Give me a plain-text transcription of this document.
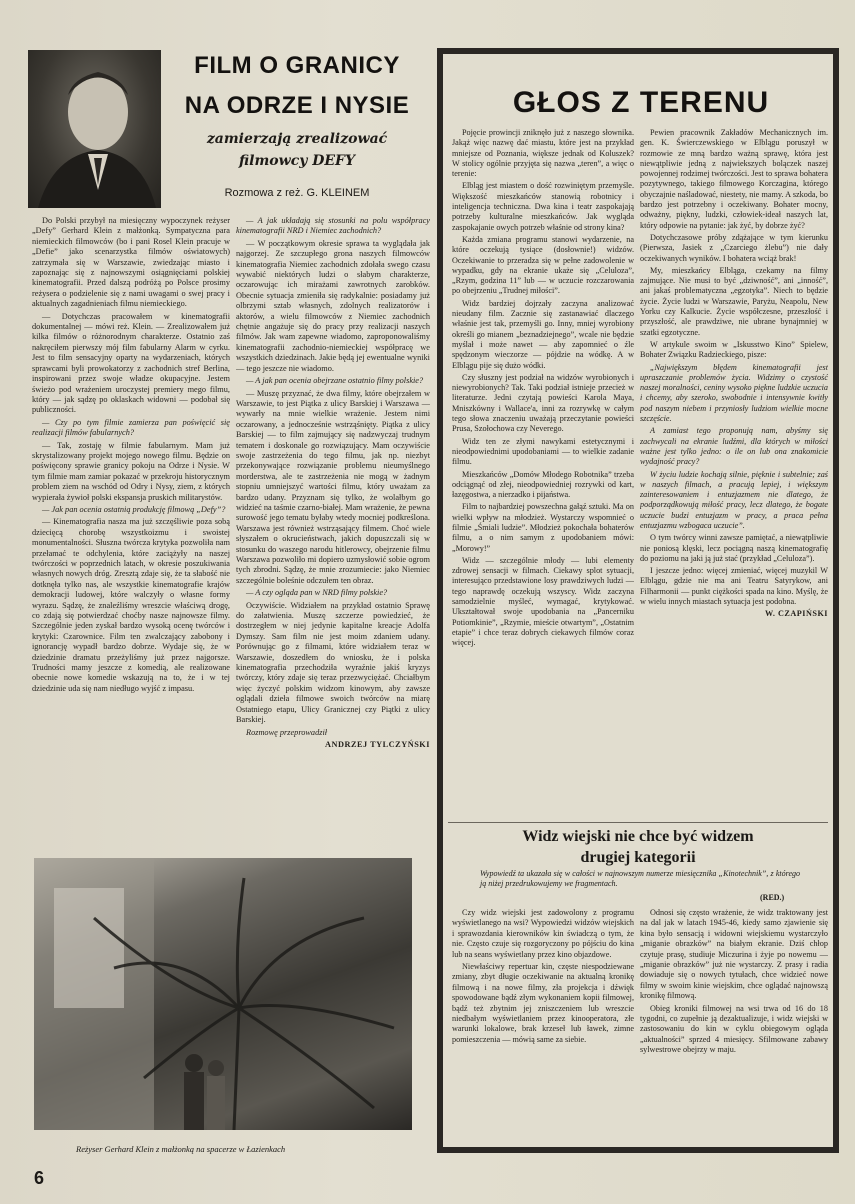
FILM O GRANICY
NA ODRZE I NYSIE
zamierzają zrealizować
filmowcy DEFY
Rozmowa z reż. G. KLEINEM

Do Polski przybył na miesięczny wypoczynek reżyser „Defy” Gerhard Klein z małżonką. Sympatyczna para niemieckich filmowców (bo i pani Rosel Klein pracuje w „Defie” jako scenarzystka filmów oświatowych) zatrzymała się w Warszawie, zwiedzając miasto i zapoznając się z najnowszymi osiągnięciami polskiej kinematografii. Przed dalszą podróżą po Polsce prosimy reżysera o podzielenie się z nami uwagami o swej pracy i aktualnych zagadnieniach filmu niemieckiego.

— Dotychczas pracowałem w kinematografii dokumentalnej — mówi reż. Klein. — Zrealizowałem już kilka filmów o różnorodnym charakterze. Ostatnio zaś nakręciłem pierwszy mój film fabularny Alarm w cyrku. Jest to film sensacyjny oparty na wydarzeniach, których sprawcami byli prowokatorzy z zachodnich stref Berlina, inspirowani przez swoje władze okupacyjne. Jestem świeżo pod wrażeniem uroczystej premiery mego filmu, który — jak sądzę po oklaskach widowni — podobał się publiczności.

— Czy po tym filmie zamierza pan poświęcić się realizacji filmów fabularnych?

— Tak, zostaję w filmie fabularnym. Mam już skrystalizowany projekt mojego nowego filmu. Będzie on poświęcony sprawie granicy pokoju na Odrze i Nysie. W tym filmie mam zamiar pokazać w przekroju historycznym problem ziem na wschód od Odry i Nysy, ziem, z których wypierała żywioł polski ekspansja pruskich militarystów.

— Jak pan ocenia ostatnią produkcję filmową „Defy”?

— Kinematografia nasza ma już szczęśliwie poza sobą dziecięcą chorobę wszystkoizmu i swoistej monumentalności. Słuszna twórcza krytyka pozwoliła nam przełamać te odchylenia, które zaciążyły na naszej twórczości w poprzednich latach, w okresie poszukiwania własnych nowych dróg. Zresztą zdaje się, że ta słabość nie dotknęła tylko nas, ale wszystkie kinematografie krajów demokracji ludowej, które walczyły o własne formy wyrazu. Sądzę, że znaleźliśmy wreszcie właściwą drogę, co zdają się potwierdzać choćby nasze najnowsze filmy. Szczególnie jeden zyskał bardzo wysoką ocenę twórców i krytyki: Czarownice. Film ten zwalczający zabobony i ignorancję wypadł bardzo dobrze. Wydaje się, że w dziedzinie dramatu przeżyliśmy już przez najgorsze. Trudności mamy jeszcze z komedią, ale realizowane obecnie nowe komedie wskazują na to, że i w tej dziedzinie uda się nam niedługo wyjść z impasu.

— A jak układają się stosunki na polu współpracy kinematografii NRD i Niemiec zachodnich?

— W początkowym okresie sprawa ta wyglądała jak najgorzej. Ze szczupłego grona naszych filmowców kinematografia Niemiec zachodnich zdołała swego czasu wywabić niektórych ludzi o słabym charakterze, oczarowując ich mirażami zawrotnych zarobków. Obecnie sytuacja zmieniła się radykalnie: posiadamy już olbrzymi sztab własnych, zdolnych realizatorów i aktorów, a wielu filmowców z Niemiec zachodnich chętnie angażuje się do pracy przy realizacji naszych filmów. Jak wam zapewne wiadomo, zaproponowaliśmy kinematografii zachodnio-niemieckiej współpracę we wszystkich dziedzinach. Jakie będą jej ewentualne wyniki — tego jeszcze nie wiadomo.

— A jak pan ocenia obejrzane ostatnio filmy polskie?

— Muszę przyznać, że dwa filmy, które obejrzałem w Warszawie, to jest Piątka z ulicy Barskiej i Warszawa — wywarły na mnie wielkie wrażenie. Jestem nimi oczarowany, a jednocześnie wstrząśnięty. Piątka z ulicy Barskiej — to film zajmujący się nadzwyczaj trudnym tematem i doskonale go rozwiązujący. Mam oczywiście swoje zastrzeżenia do tego filmu, jak np. niezbyt przekonywające rozwiązanie problemu nieumyślnego morderstwa, ale te zastrzeżenia nie mogą w żadnym stopniu umniejszyć wartości filmu, który uważam za bardzo udany. Przyznam się tylko, że wolałbym go widzieć na taśmie czarno-białej. Mam wrażenie, że pewna surowość jego tematu byłaby wtedy mocniej podkreślona. Warszawa jest również wstrząsający filmem. Choć wiele słyszałem o okrucieństwach, jakich dopuszczali się w stosunku do waszego narodu hitlerowcy, obejrzenie filmu Warszawa pozwoliło mi dopiero uzmysłowić sobie ogrom tych zbrodni. Sądzę, że mnie zrozumiecie: jako Niemiec szczególnie boleśnie odczułem ten obraz.

— A czy ogląda pan w NRD filmy polskie?

Oczywiście. Widziałem na przykład ostatnio Sprawę do załatwienia. Muszę szczerze powiedzieć, że dostrzegłem w niej jedynie kapitalne kreacje Adolfa Dymszy. Sam film nie jest moim zdaniem udany. Porównując go z filmami, które widziałem teraz w Warszawie, doszedłem do wniosku, że i polska kinematografia przechodziła wyraźnie jakiś kryzys twórczy, który zdaje się teraz przezwyciężać. Chciałbym więc życzyć polskim widzom kinowym, aby zawsze oglądali dzieła filmowe swoich twórców na miarę Ostatniego etapu, Ulicy Granicznej czy Piątki z ulicy Barskiej.

Rozmowę przeprowadził

ANDRZEJ TYLCZYŃSKI

Reżyser Gerhard Klein z małżonką na spacerze w Łazienkach
6
GŁOS Z TERENU

Pojęcie prowincji zniknęło już z naszego słownika. Jakąż więc nazwę dać miastu, które jest na przykład mniejsze od Poznania, większe jednak od Koluszek? W stolicy ogólnie przyjęta się nazwa „teren”, a więc o terenie:

Elbląg jest miastem o dość rozwiniętym przemyśle. Większość mieszkańców stanowią robotnicy i inteligencja techniczna. Dwa kina i teatr zaspokajają potrzeby kulturalne mieszkańców. Jak wygląda zaspokajanie owych potrzeb właśnie od strony kina?

Każda zmiana programu stanowi wydarzenie, na które oczekują tysiące (dosłownie!) widzów. Oczekiwanie to przeradza się w pełne zadowolenie w wypadku, gdy na ekranie ukaże się „Celuloza”, „Rzym, godzina 11” lub — w uczucie rozczarowania po obejrzeniu „Trudnej miłości”.

Widz bardziej dojrzały zaczyna analizować nieudany film. Zacznie się zastanawiać dlaczego właśnie jest tak, przemyśli go. Inny, mniej wyrobiony określi go mianem „beznadziejnego”, wcale nie będzie myślał i może nawet — aby zapomnieć o źle spędzonym wieczorze — pójdzie na wódkę. A w Elblągu pije się dużo wódki.

Czy słuszny jest podział na widzów wyrobionych i niewyrobionych? Tak. Taki podział istnieje przecież w literaturze. Jedni czytają powieści Karola Maya, Mniszkówny i Wallace'a, inni za rozrywkę w całym tego słowa znaczeniu uważają przeczytanie powieści Prusa, Szołochowa czy Neverego.

Widz ten ze złymi nawykami estetycznymi i nieodpowiednimi upodobaniami — to wielkie zadanie filmu.

Mieszkańców „Domów Młodego Robotnika” trzeba odciągnąć od złej, nieodpowiedniej rozrywki od kart, łazęgostwa, a nierzadko i pijaństwa.

Film to najbardziej powszechna gałąź sztuki. Ma on wielki wpływ na młodzież. Wystarczy wspomnieć o filmie „Śmiali ludzie”. Młodzież pokochała bohaterów filmu, a o nim samym z upodobaniem mówi: „Morowy!”

Widz — szczególnie młody — lubi elementy zdrowej sensacji w filmach. Ciekawy splot sytuacji, interesująco przedstawione losy prawdziwych ludzi — tego naprawdę oczekują wszyscy. Widz zaczyna samodzielnie myśleć, wymagać, krytykować. Ukształtował swoje upodobania na „Pancerniku Potiomkinie”, „Rzymie, mieście otwartym”, „Ostatnim etapie” i chce teraz dobrych ciekawych filmów coraz więcej.

Pewien pracownik Zakładów Mechanicznych im. gen. K. Świerczewskiego w Elblągu poruszył w rozmowie ze mną bardzo ważną sprawę, która jest niewątpliwie jedną z najwiekszych bolączek naszej powojennej rodzimej twórczości. Jest to sprawa bohatera pozytywnego, takiego filmowego Korczagina, którego obyczajnie naśladować, niestety, nie mamy. A szkoda, bo bardzo jest potrzebny i oczekiwany. Bohater mocny, odważny, piękny, ludzki, człowiek-ideał naszych lat, który odpowie na pytanie: jak żyć, by dobrze żyć?

Dotychczasowe próby zdążające w tym kierunku (Pierwsza, Jasiek z „Czarciego żlebu”) nie dały oczekiwanych wyników. I bohatera wciąż brak!

My, mieszkańcy Elbląga, czekamy na filmy zajmujące. Nie musi to być „dziwność”, ani „inność”, ani jakaś problematyczna „egzotyka”. Niech to będzie życie. Życie ludzi w Warszawie, Paryżu, Neapolu, New Yorku czy Kalkucie. Życie współczesne, przeszłość i przyszłość, ale prawdziwe, nie ubrane bynajmniej w szatki egzotyczne.

W artykule swoim w „Iskusstwo Kino” Spielew, Bohater Związku Radzieckiego, pisze:

„Największym błędem kinematografii jest upraszczanie problemów życia. Widzimy o czystość naszej moralności, ceniny wysoko piękne ludzkie uczucia i chcemy, aby szeroko, swobodnie i intensywnie kwitły pod naszym niebem i przyniosły ludziom wielkie mocne szczęście.

A zamiast tego proponują nam, abyśmy się zachwycali na ekranie ludźmi, dla których w miłości ważne jest tylko jedno: o ile on lub ona znakomicie wydajność pracy?

W życiu ludzie kochają silnie, pięknie i subtelnie; zaś w naszych filmach, a pracują lepiej, i większym zainteresowaniem i entuzjazmem nie dlatego, że podporządkowują miłość pracy, lecz dlatego, że bogate uczucie budzi entuzjazm w pracy, a praca pełna entuzjazmu wzbogaca uczucie”.

O tym twórcy winni zawsze pamiętać, a niewątpliwie nie poniosą klęski, lecz pociągną naszą kinematografię do poziomu na jaki ją już stać (przykład „Celuloza”).

I jeszcze jedno: więcej zmieniać, więcej muzykil W Elblągu, gdzie nie ma ani Teatru Satyrykow, ani Filharmonii — punkt ciężkości spada na kino. Myślę, że w wielu innych miastach sytuacja jest podobna.

W. CZAPIŃSKI

Widz wiejski nie chce być widzem
drugiej kategorii
Wypowiedź ta ukazała się w całości w najnowszym numerze miesięcznika „Kinotechnik”, z którego ją niżej przedrukowujemy we fragmentach.
(RED.)

Czy widz wiejski jest zadowolony z programu wyświetlanego na wsi? Wypowiedzi widzów wiejskich i sprawozdania kierowników kin świadczą o tym, że nie. Często czuje się rozgoryczony po pójściu do kina lub na seans wyświetlany przez kino objazdowe.

Niewłaściwy repertuar kin, częste niespodziewane zmiany, zbyt długie oczekiwanie na aktualną kronikę filmową i na nowe filmy, zła projekcja i dźwięk spowodowane bądź złym wykonaniem kopii filmowej, bądź też zbytnim jej zniszczeniem lub wreszcie niedbałym wyświetlaniem przez kinooperatora, złe warunki lokalowe, brak krzeseł lub ławek, zimne pomieszczenia — mówią same za siebie.

Odnosi się często wrażenie, że widz traktowany jest na dal jak w latach 1945-46, kiedy samo zjawienie się kina było sensacją i widowni wiejskiemu wystarczyło „miganie obrazków” na białym ekranie. Dziś chłop czytuje prasę, studiuje Miczurina i żyje po nowemu — „miganie obrazków” już nie wystarczy. Z prasy i radia dowiaduje się o nowych tytułach, chce widzieć nowe filmy w swoim kinie wiejskim, chce oglądać najnowszą kronikę filmową.

Obieg kroniki filmowej na wsi trwa od 16 do 18 tygodni, co zupełnie ją dezaktualizuje, i widz wiejski w zastosowaniu do kin w cyklu obiegowym ogląda „aktualności” sprzed 4 miesięcy. Sfilmowane zabawy sylwestrowe obejrzy w maju.
